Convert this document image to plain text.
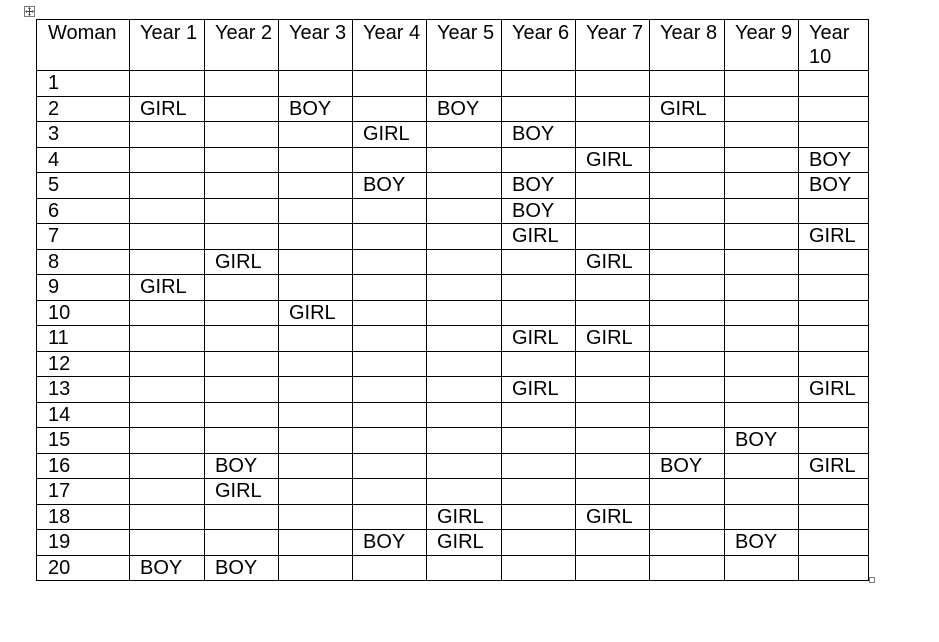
Woman	Year 1	Year 2	Year 3	Year 4	Year 5	Year 6	Year 7	Year 8	Year 9	Year 10
1										
2	GIRL		BOY		BOY			GIRL		
3				GIRL		BOY				
4							GIRL			BOY
5				BOY		BOY				BOY
6						BOY				
7						GIRL				GIRL
8		GIRL					GIRL			
9	GIRL									
10			GIRL							
11						GIRL	GIRL			
12										
13						GIRL				GIRL
14										
15									BOY	
16		BOY						BOY		GIRL
17		GIRL								
18					GIRL		GIRL			
19				BOY	GIRL				BOY	
20	BOY	BOY								
